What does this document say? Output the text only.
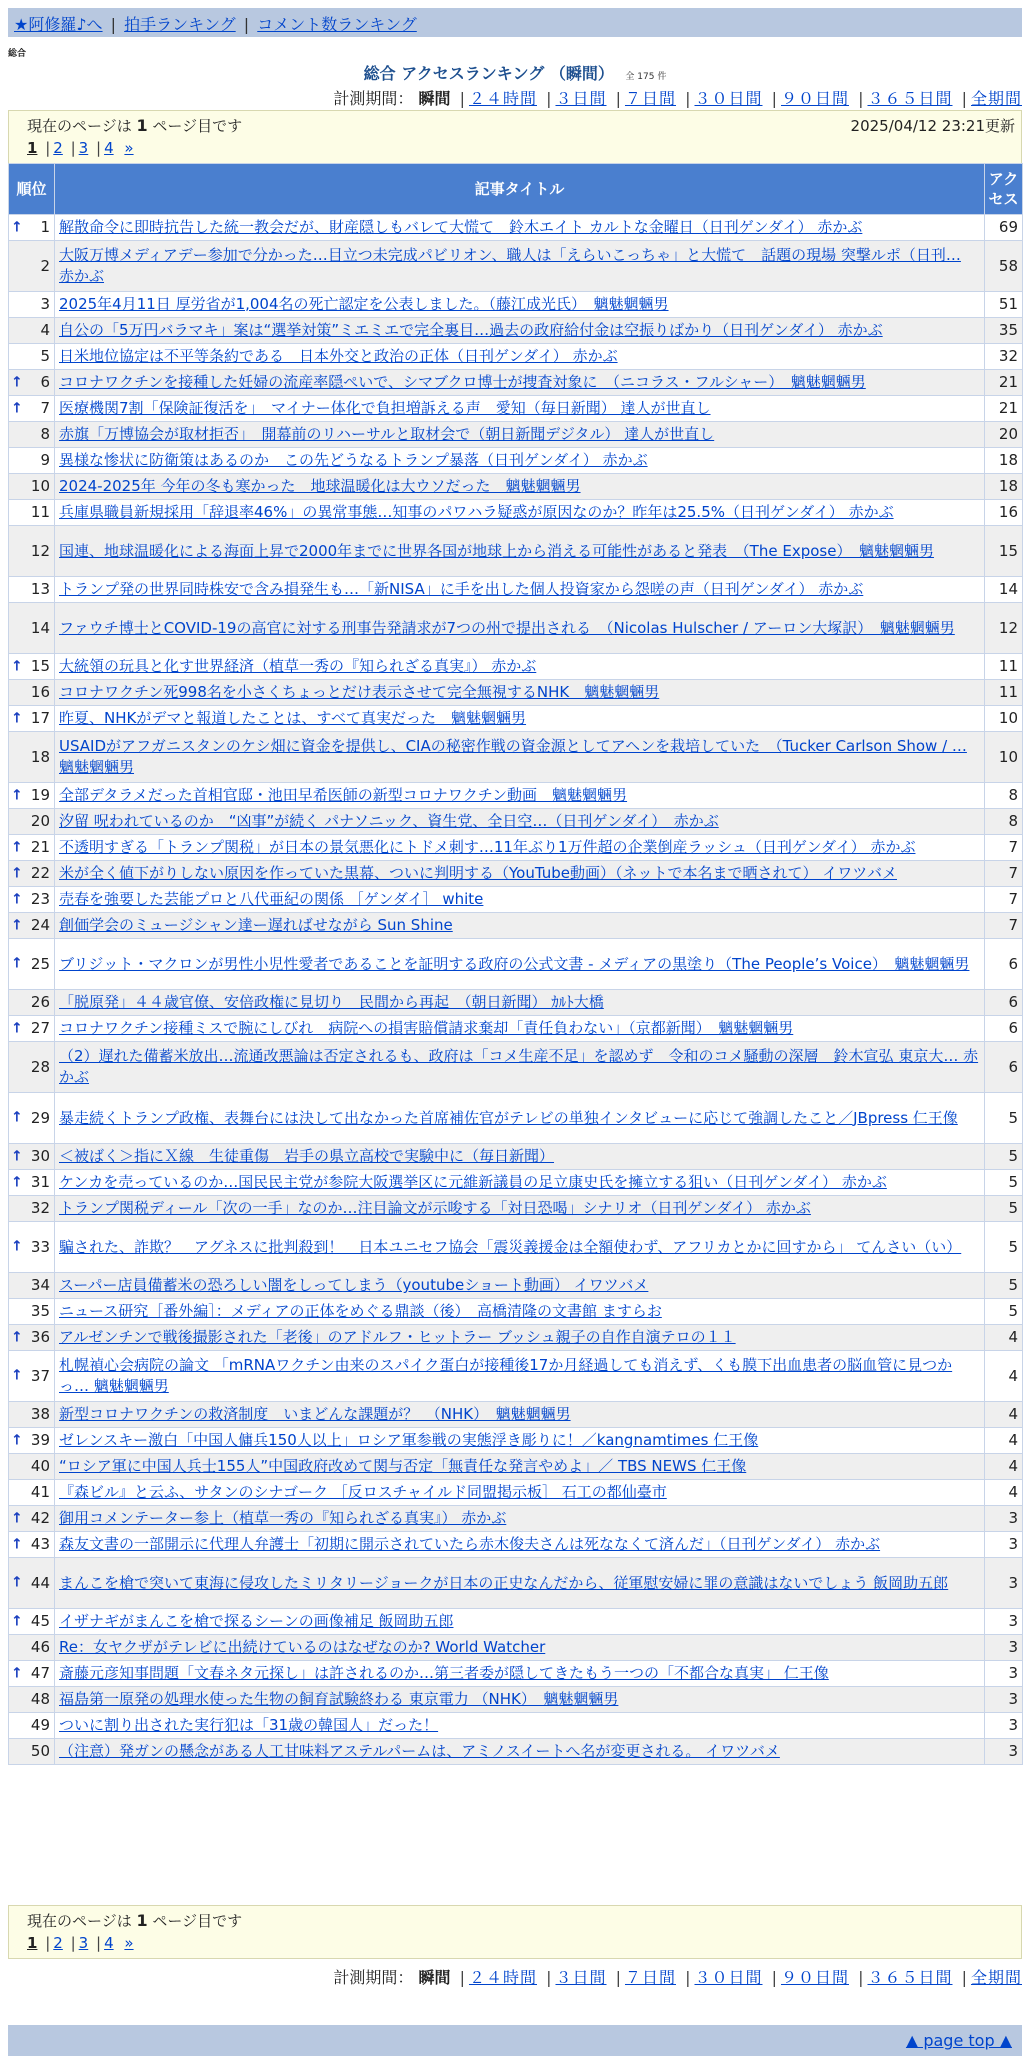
★阿修羅♪へ | 拍手ランキング | コメント数ランキング
総合
総合 アクセスランキング （瞬間） 全 175 件
計測期間： 瞬間 | ２４時間 | ３日間 | ７日間 | ３０日間 | ９０日間 | ３６５日間 | 全期間
現在のページは 1 ページ目です	2025/04/12 23:21更新
1 | 2 | 3 | 4 »
順位	記事タイトル	アクセス

↑ 1	解散命令に即時抗告した統一教会だが、財産隠しもバレて大慌て　鈴木エイト カルトな金曜日（日刊ゲンダイ） 赤かぶ	69
2	大阪万博メディアデー参加で分かった…目立つ未完成パビリオン、職人は「えらいこっちゃ」と大慌て　話題の現場 突撃ルポ（日刊… 赤かぶ	58
3	2025年4月11日 厚労省が1,004名の死亡認定を公表しました。（藤江成光氏）　魑魅魍魎男	51
4	自公の「5万円バラマキ」案は“選挙対策”ミエミエで完全裏目…過去の政府給付金は空振りばかり（日刊ゲンダイ） 赤かぶ	35
5	日米地位協定は不平等条約である　日本外交と政治の正体（日刊ゲンダイ） 赤かぶ	32

↑ 6	コロナワクチンを接種した妊婦の流産率隠ぺいで、シマブクロ博士が捜査対象に　（ニコラス・フルシャー）　魑魅魍魎男	21

↑ 7	医療機関7割「保険証復活を」　マイナー体化で負担増訴える声　愛知（毎日新聞） 達人が世直し	21
8	赤旗「万博協会が取材拒否」　開幕前のリハーサルと取材会で（朝日新聞デジタル） 達人が世直し	20
9	異様な惨状に防衛策はあるのか　この先どうなるトランプ暴落（日刊ゲンダイ） 赤かぶ	18
10	2024-2025年 今年の冬も寒かった　地球温暖化は大ウソだった　魑魅魍魎男	18
11	兵庫県職員新規採用「辞退率46%」の異常事態…知事のパワハラ疑惑が原因なのか？昨年は25.5%（日刊ゲンダイ） 赤かぶ	16
12	国連、地球温暖化による海面上昇で2000年までに世界各国が地球上から消える可能性があると発表　（The Expose）　魑魅魍魎男	15
13	トランプ発の世界同時株安で含み損発生も…「新NISA」に手を出した個人投資家から怨嗟の声（日刊ゲンダイ） 赤かぶ	14
14	ファウチ博士とCOVID-19の高官に対する刑事告発請求が7つの州で提出される　（Nicolas Hulscher / アーロン大塚訳）　魑魅魍魎男	12

↑ 15	大統領の玩具と化す世界経済（植草一秀の『知られざる真実』） 赤かぶ	11
16	コロナワクチン死998名を小さくちょっとだけ表示させて完全無視するNHK　魑魅魍魎男	11

↑ 17	昨夏、NHKがデマと報道したことは、すべて真実だった　魑魅魍魎男	10
18	USAIDがアフガニスタンのケシ畑に資金を提供し、CIAの秘密作戦の資金源としてアヘンを栽培していた　（Tucker Carlson Show / … 魑魅魍魎男	10

↑ 19	全部デタラメだった首相官邸・池田早希医師の新型コロナワクチン動画　魑魅魍魎男	8
20	汐留 呪われているのか　“凶事”が続く パナソニック、資生党、全日空…（日刊ゲンダイ）　赤かぶ	8

↑ 21	不透明すぎる「トランプ関税」が日本の景気悪化にトドメ刺す…11年ぶり1万件超の企業倒産ラッシュ（日刊ゲンダイ） 赤かぶ	7

↑ 22	米が全く値下がりしない原因を作っていた黒幕、ついに判明する（YouTube動画）（ネットで本名まで晒されて） イワツバメ	7

↑ 23	売春を強要した芸能プロと八代亜紀の関係 ［ゲンダイ］ white	7

↑ 24	創価学会のミュージシャン達ー遅ればせながら Sun Shine	7

↑ 25	ブリジット・マクロンが男性小児性愛者であることを証明する政府の公式文書 - メディアの黒塗り（The People’s Voice）　魑魅魍魎男	6
26	「脱原発」４４歳官僚、安倍政権に見切り　民間から再起　（朝日新聞） ｶﾙﾄ大橋	6

↑ 27	コロナワクチン接種ミスで腕にしびれ　病院への損害賠償請求棄却「責任負わない」（京都新聞）　魑魅魍魎男	6
28	（2）遅れた備蓄米放出…流通改悪論は否定されるも、政府は「コメ生産不足」を認めず　令和のコメ騒動の深層　鈴木宣弘 東京大… 赤かぶ	6

↑ 29	暴走続くトランプ政権、表舞台には決して出なかった首席補佐官がテレビの単独インタビューに応じて強調したこと／JBpress 仁王像	5

↑ 30	＜被ばく＞指にＸ線　生徒重傷　岩手の県立高校で実験中に（毎日新聞）	5

↑ 31	ケンカを売っているのか…国民民主党が参院大阪選挙区に元維新議員の足立康史氏を擁立する狙い（日刊ゲンダイ） 赤かぶ	5
32	トランプ関税ディール「次の一手」なのか…注目論文が示唆する「対日恐喝」シナリオ（日刊ゲンダイ） 赤かぶ	5

↑ 33	騙された、詐欺？　アグネスに批判殺到！　日本ユニセフ協会「震災義援金は全額使わず、アフリカとかに回すから」 てんさい（い）	5
34	スーパー店員備蓄米の恐ろしい闇をしってしまう（youtubeショート動画） イワツバメ	5
35	ニュース研究［番外編］：メディアの正体をめぐる鼎談（後）　高橋清隆の文書館 ますらお	5

↑ 36	アルゼンチンで戦後撮影された「老後」のアドルフ・ヒットラー ブッシュ親子の自作自演テロの１１	4

↑ 37	札幌禎心会病院の論文 「mRNAワクチン由来のスパイク蛋白が接種後17か月経過しても消えず、くも膜下出血患者の脳血管に見つかっ… 魑魅魍魎男	4
38	新型コロナワクチンの救済制度　いまどんな課題が？　（NHK）　魑魅魍魎男	4

↑ 39	ゼレンスキー激白「中国人傭兵150人以上」ロシア軍参戦の実態浮き彫りに！／kangnamtimes 仁王像	4
40	“ロシア軍に中国人兵士155人”中国政府改めて関与否定「無責任な発言やめよ」／ TBS NEWS 仁王像	4
41	『森ビル』と云ふ、サタンのシナゴーク ［反ロスチャイルド同盟掲示板］ 石工の都仙臺市	4

↑ 42	御用コメンテーター参上（植草一秀の『知られざる真実』） 赤かぶ	3

↑ 43	森友文書の一部開示に代理人弁護士「初期に開示されていたら赤木俊夫さんは死ななくて済んだ」（日刊ゲンダイ） 赤かぶ	3

↑ 44	まんこを槍で突いて東海に侵攻したミリタリージョークが日本の正史なんだから、従軍慰安婦に罪の意識はないでしょう 飯岡助五郎	3

↑ 45	イザナギがまんこを槍で探るシーンの画像補足 飯岡助五郎	3
46	Re：女ヤクザがテレビに出続けているのはなぜなのか? World Watcher	3

↑ 47	斎藤元彦知事問題「文春ネタ元探し」は許されるのか…第三者委が隠してきたもう一つの「不都合な真実」 仁王像	3
48	福島第一原発の処理水使った生物の飼育試験終わる 東京電力 （NHK）　魑魅魍魎男	3
49	ついに割り出された実行犯は「31歳の韓国人」だった！	3
50	（注意）発ガンの懸念がある人工甘味料アステルパームは、アミノスイートへ名が変更される。 イワツバメ	3
現在のページは 1 ページ目です
1 | 2 | 3 | 4 »
計測期間： 瞬間 | ２４時間 | ３日間 | ７日間 | ３０日間 | ９０日間 | ３６５日間 | 全期間
▲ page top ▲
